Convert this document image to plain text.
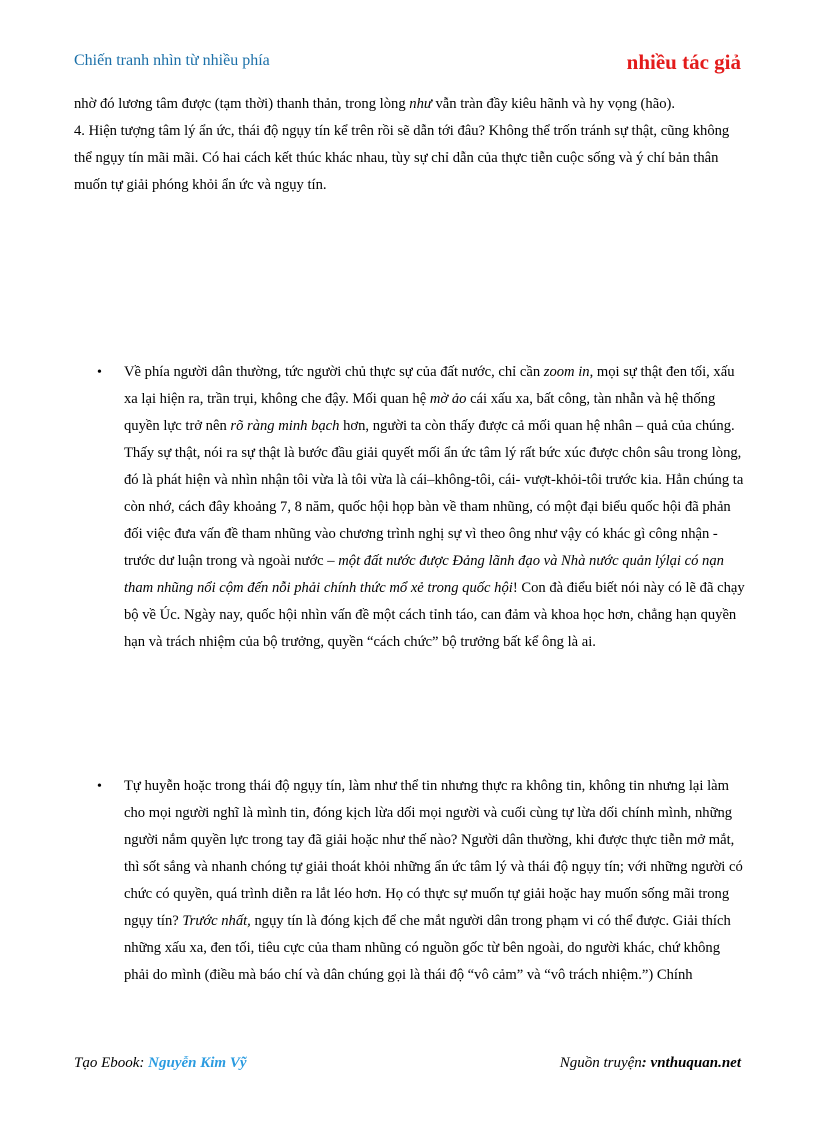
Chiến tranh nhìn từ nhiều phía	nhiều tác giả

nhờ đó lương tâm được (tạm thời) thanh thản, trong lòng như vẫn tràn đầy kiêu hãnh và hy vọng (hão).

4. Hiện tượng tâm lý ẩn ức, thái độ ngụy tín kể trên rồi sẽ dẫn tới đâu? Không thể trốn tránh sự thật, cũng không thể ngụy tín mãi mãi. Có hai cách kết thúc khác nhau, tùy sự chỉ dẫn của thực tiễn cuộc sống và ý chí bản thân muốn tự giải phóng khỏi ẩn ức và ngụy tín.

•	Về phía người dân thường, tức người chủ thực sự của đất nước, chỉ cần zoom in, mọi sự thật đen tối, xấu xa lại hiện ra, trần trụi, không che đậy. Mối quan hệ mờ ảo cái xấu xa, bất công, tàn nhẫn và hệ thống quyền lực trở nên rõ ràng minh bạch hơn, người ta còn thấy được cả mối quan hệ nhân – quả của chúng. Thấy sự thật, nói ra sự thật là bước đầu giải quyết mối ẩn ức tâm lý rất bức xúc được chôn sâu trong lòng, đó là phát hiện và nhìn nhận tôi vừa là tôi vừa là cái–không-tôi, cái- vượt-khỏi-tôi trước kia. Hẳn chúng ta còn nhớ, cách đây khoảng 7, 8 năm, quốc hội họp bàn về tham nhũng, có một đại biểu quốc hội đã phản đối việc đưa vấn đề tham nhũng vào chương trình nghị sự vì theo ông như vậy có khác gì công nhận - trước dư luận trong và ngoài nước – một đất nước được Đảng lãnh đạo và Nhà nước quản lýlại có nạn tham nhũng nổi cộm đến nỗi phải chính thức mổ xẻ trong quốc hội! Con đà điểu biết nói này có lẽ đã chạy bộ về Úc. Ngày nay, quốc hội nhìn vấn đề một cách tỉnh táo, can đảm và khoa học hơn, chẳng hạn quyền hạn và trách nhiệm của bộ trưởng, quyền “cách chức” bộ trưởng bất kể ông là ai.

•	Tự huyễn hoặc trong thái độ ngụy tín, làm như thể tin nhưng thực ra không tin, không tin nhưng lại làm cho mọi người nghĩ là mình tin, đóng kịch lừa dối mọi người và cuối cùng tự lừa dối chính mình, những người nắm quyền lực trong tay đã giải hoặc như thế nào? Người dân thường, khi được thực tiễn mở mắt, thì sốt sắng và nhanh chóng tự giải thoát khỏi những ẩn ức tâm lý và thái độ ngụy tín; với những người có chức có quyền, quá trình diễn ra lắt léo hơn. Họ có thực sự muốn tự giải hoặc hay muốn sống mãi trong ngụy tín? Trước nhất, ngụy tín là đóng kịch để che mắt người dân trong phạm vi có thể được. Giải thích những xấu xa, đen tối, tiêu cực của tham nhũng có nguồn gốc từ bên ngoài, do người khác, chứ không phải do mình (điều mà báo chí và dân chúng gọi là thái độ “vô cảm” và “vô trách nhiệm.”) Chính

Tạo Ebook: Nguyễn Kim Vỹ	Nguồn truyện: vnthuquan.net
